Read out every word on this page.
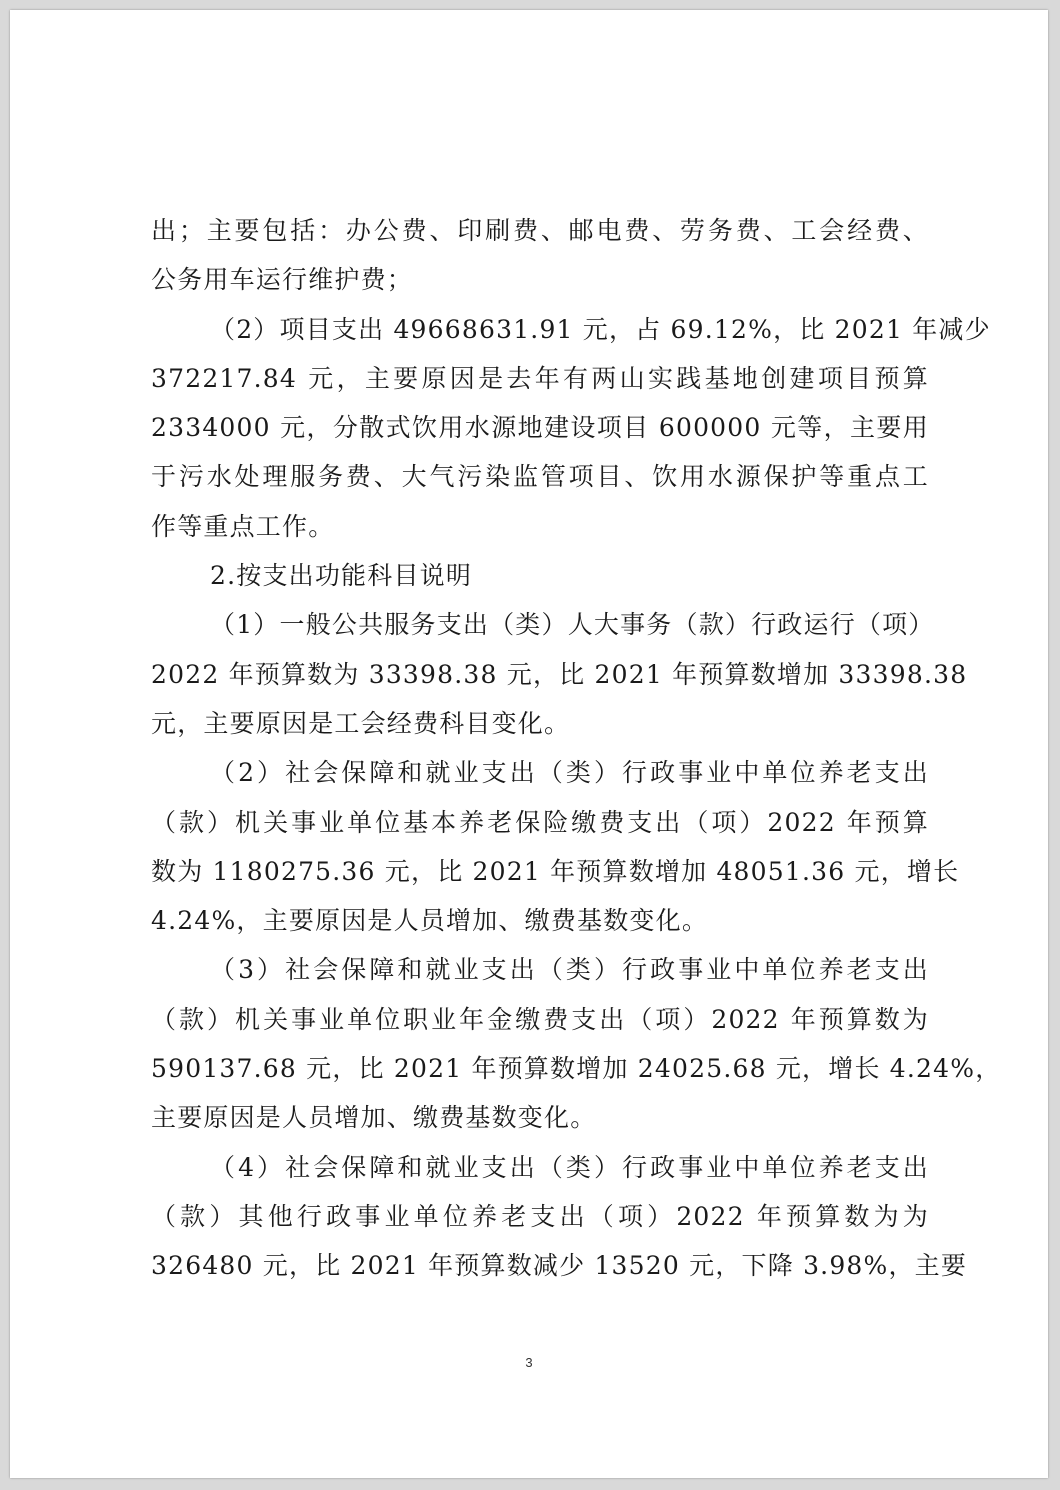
出；主要包括：办公费、印刷费、邮电费、劳务费、工会经费、
公务用车运行维护费；
（2）项目支出 49668631.91 元，占 69.12%，比 2021 年减少
372217.84 元，主要原因是去年有两山实践基地创建项目预算
2334000 元，分散式饮用水源地建设项目 600000 元等，主要用
于污水处理服务费、大气污染监管项目、饮用水源保护等重点工
作等重点工作。
2.按支出功能科目说明
（1）一般公共服务支出（类）人大事务（款）行政运行（项）
2022 年预算数为 33398.38 元，比 2021 年预算数增加 33398.38
元，主要原因是工会经费科目变化。
（2）社会保障和就业支出（类）行政事业中单位养老支出
（款）机关事业单位基本养老保险缴费支出（项）2022 年预算
数为 1180275.36 元，比 2021 年预算数增加 48051.36 元，增长
4.24%，主要原因是人员增加、缴费基数变化。
（3）社会保障和就业支出（类）行政事业中单位养老支出
（款）机关事业单位职业年金缴费支出（项）2022 年预算数为
590137.68 元，比 2021 年预算数增加 24025.68 元，增长 4.24%，
主要原因是人员增加、缴费基数变化。
（4）社会保障和就业支出（类）行政事业中单位养老支出
（款）其他行政事业单位养老支出（项）2022 年预算数为为
326480 元，比 2021 年预算数减少 13520 元，下降 3.98%，主要
3
